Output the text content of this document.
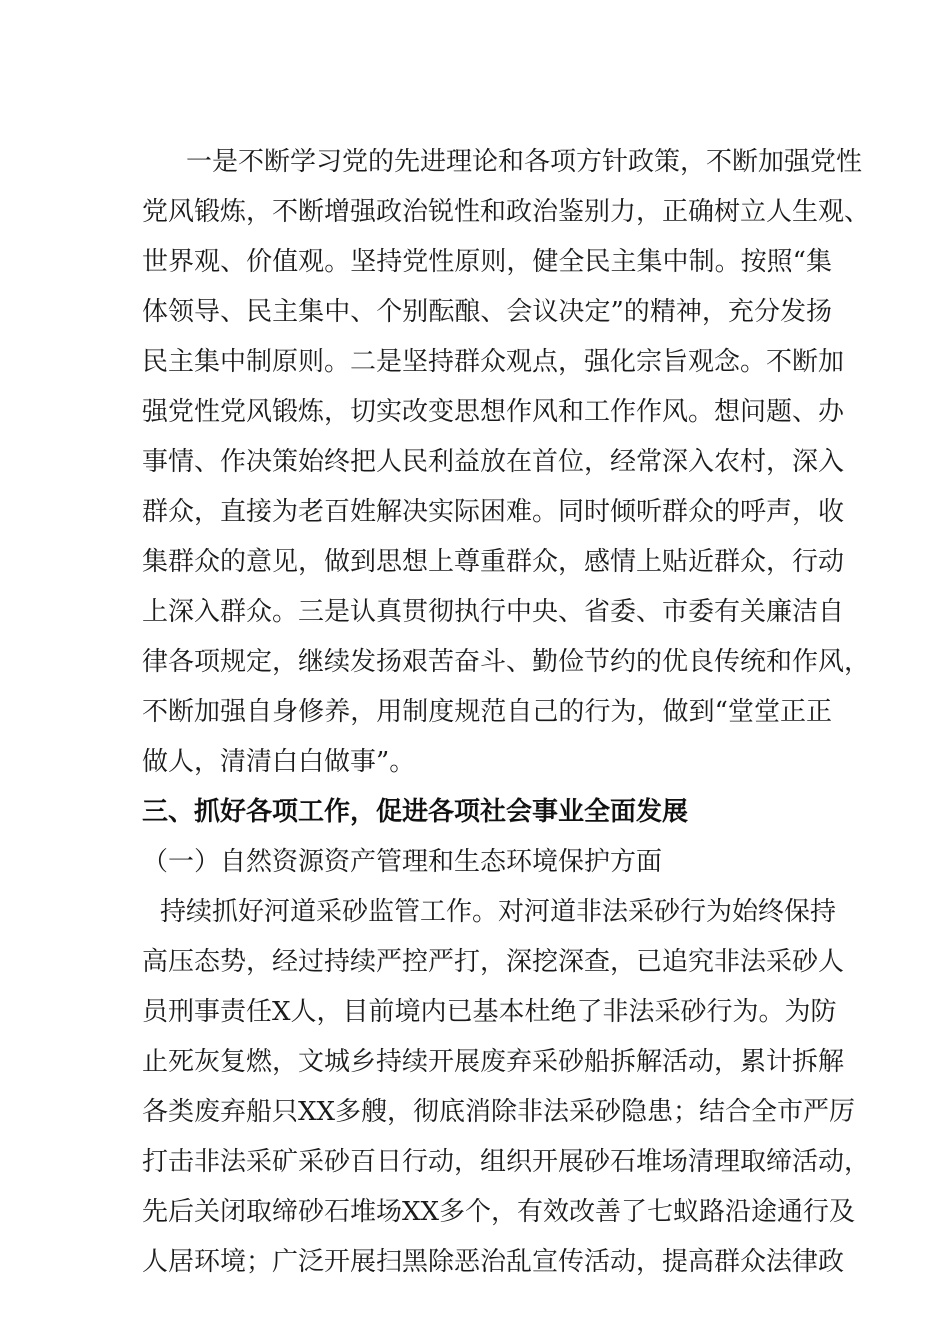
　一是不断学习党的先进理论和各项方针政策，不断加强党性
党风锻炼，不断增强政治锐性和政治鉴别力，正确树立人生观、
世界观、价值观。坚持党性原则，健全民主集中制。按照“集
体领导、民主集中、个别酝酿、会议决定”的精神，充分发扬
民主集中制原则。二是坚持群众观点，强化宗旨观念。不断加
强党性党风锻炼，切实改变思想作风和工作作风。想问题、办
事情、作决策始终把人民利益放在首位，经常深入农村，深入
群众，直接为老百姓解决实际困难。同时倾听群众的呼声，收
集群众的意见，做到思想上尊重群众，感情上贴近群众，行动
上深入群众。三是认真贯彻执行中央、省委、市委有关廉洁自
律各项规定，继续发扬艰苦奋斗、勤俭节约的优良传统和作风，
不断加强自身修养，用制度规范自己的行为，做到“堂堂正正
做人，清清白白做事”。
三、抓好各项工作，促进各项社会事业全面发展
（一）自然资源资产管理和生态环境保护方面
持续抓好河道采砂监管工作。对河道非法采砂行为始终保持
高压态势，经过持续严控严打，深挖深查，已追究非法采砂人
员刑事责任X人，目前境内已基本杜绝了非法采砂行为。为防
止死灰复燃，文城乡持续开展废弃采砂船拆解活动，累计拆解
各类废弃船只XX多艘，彻底消除非法采砂隐患；结合全市严厉
打击非法采矿采砂百日行动，组织开展砂石堆场清理取缔活动，
先后关闭取缔砂石堆场XX多个，有效改善了七蚁路沿途通行及
人居环境；广泛开展扫黑除恶治乱宣传活动，提高群众法律政
